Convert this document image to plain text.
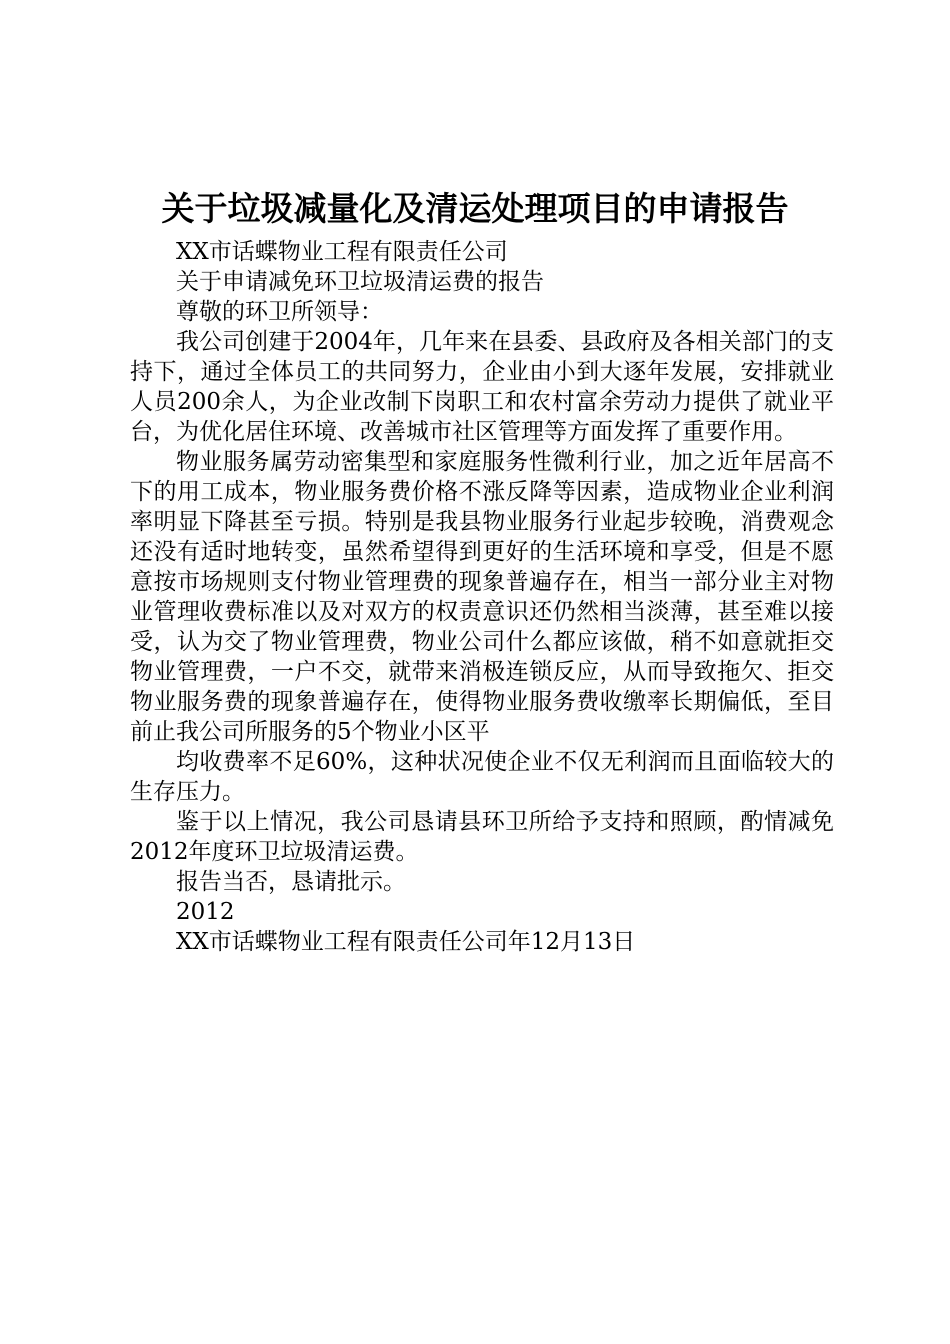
关于垃圾减量化及清运处理项目的申请报告

XX市话蝶物业工程有限责任公司

关于申请减免环卫垃圾清运费的报告

尊敬的环卫所领导：

我公司创建于2004年，几年来在县委、县政府及各相关部门的支持下，通过全体员工的共同努力，企业由小到大逐年发展，安排就业人员200余人，为企业改制下岗职工和农村富余劳动力提供了就业平台，为优化居住环境、改善城市社区管理等方面发挥了重要作用。

物业服务属劳动密集型和家庭服务性微利行业，加之近年居高不下的用工成本，物业服务费价格不涨反降等因素，造成物业企业利润率明显下降甚至亏损。特别是我县物业服务行业起步较晚，消费观念还没有适时地转变，虽然希望得到更好的生活环境和享受，但是不愿意按市场规则支付物业管理费的现象普遍存在，相当一部分业主对物业管理收费标准以及对双方的权责意识还仍然相当淡薄，甚至难以接受，认为交了物业管理费，物业公司什么都应该做，稍不如意就拒交物业管理费，一户不交，就带来消极连锁反应，从而导致拖欠、拒交物业服务费的现象普遍存在，使得物业服务费收缴率长期偏低，至目前止我公司所服务的5个物业小区平

均收费率不足60%，这种状况使企业不仅无利润而且面临较大的生存压力。

鉴于以上情况，我公司恳请县环卫所给予支持和照顾，酌情减免2012年度环卫垃圾清运费。

报告当否，恳请批示。

2012

XX市话蝶物业工程有限责任公司年12月13日
